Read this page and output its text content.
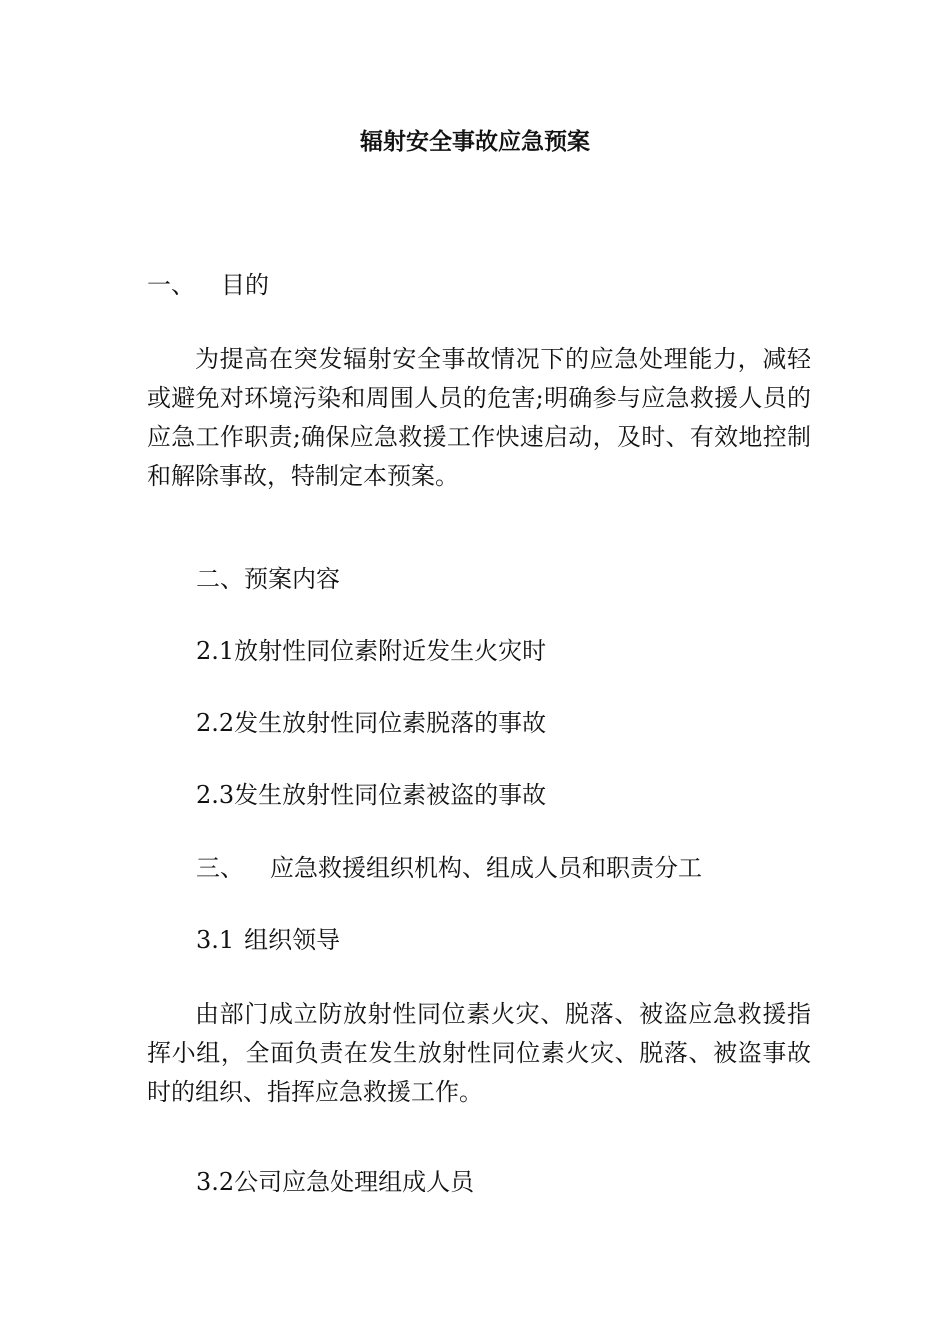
辐射安全事故应急预案
一、 目的
为提高在突发辐射安全事故情况下的应急处理能力，减轻或避免对环境污染和周围人员的危害;明确参与应急救援人员的应急工作职责;确保应急救援工作快速启动，及时、有效地控制和解除事故，特制定本预案。
二、预案内容
2.1放射性同位素附近发生火灾时
2.2发生放射性同位素脱落的事故
2.3发生放射性同位素被盗的事故
三、 应急救援组织机构、组成人员和职责分工
3.1 组织领导
由部门成立防放射性同位素火灾、脱落、被盗应急救援指挥小组，全面负责在发生放射性同位素火灾、脱落、被盗事故时的组织、指挥应急救援工作。
3.2公司应急处理组成人员
